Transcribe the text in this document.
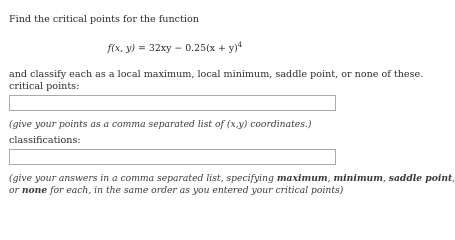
Find the critical points for the function
f(x, $y) = 32xy - 0.25(x + y)^4$
and classify each as a local maximum, local minimum, saddle point, or none of these.
critical points:
(give your points as a comma separated list of (x,y) coordinates.)
classifications:
(give your answers in a comma separated list, specifying maximum, minimum, saddle point,
or none for each, in the same order as you entered your critical points)
